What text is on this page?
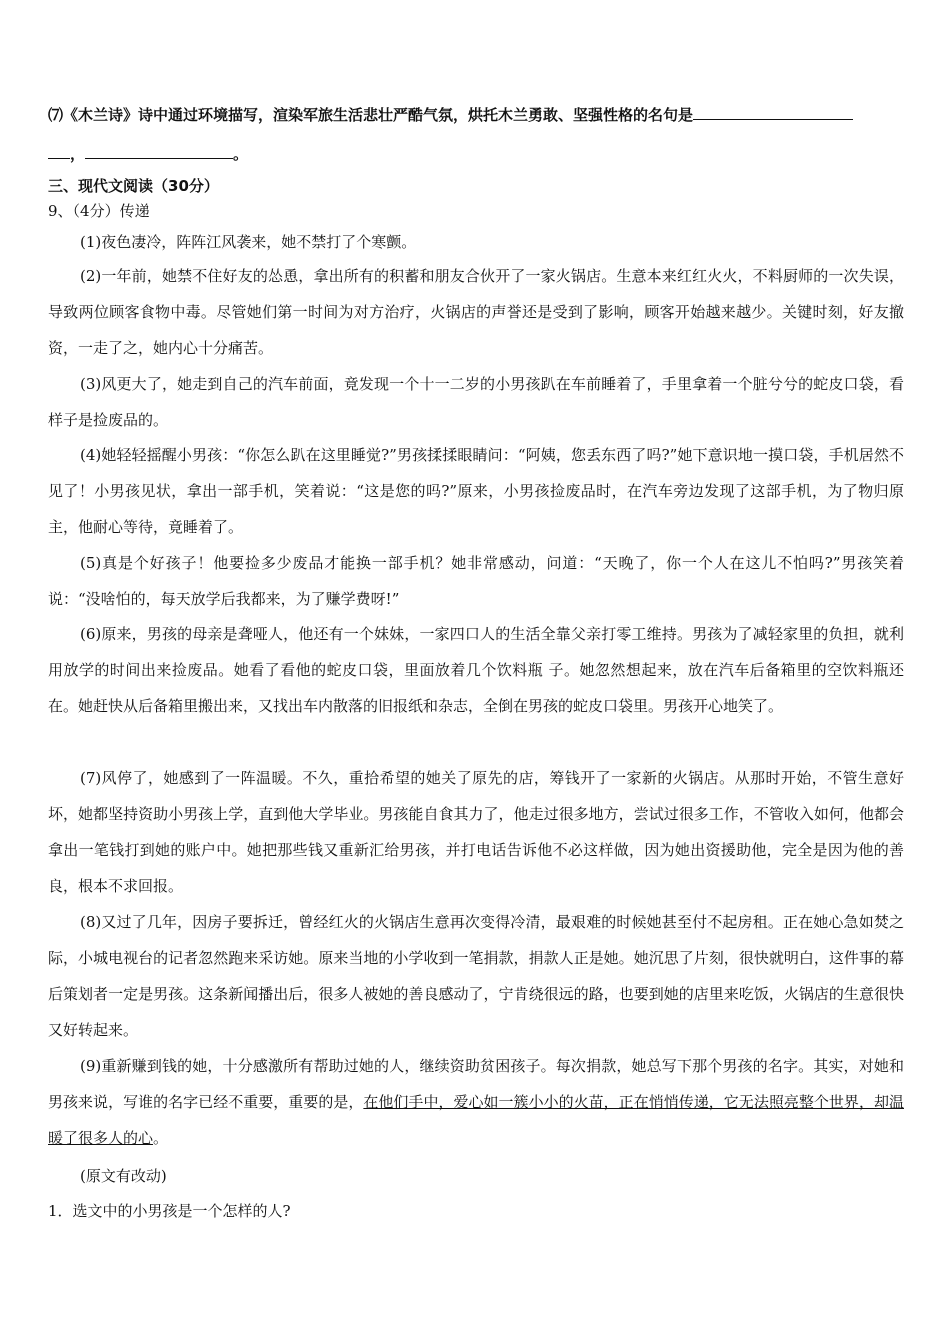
⑺《木兰诗》诗中通过环境描写，渲染军旅生活悲壮严酷气氛，烘托木兰勇敢、坚强性格的名句是
，	。
三、现代文阅读（30分）
9、（4分）传递
(1)夜色凄冷，阵阵江风袭来，她不禁打了个寒颤。
(2)一年前，她禁不住好友的怂恿，拿出所有的积蓄和朋友合伙开了一家火锅店。生意本来红红火火，不料厨师的一次失误，导致两位顾客食物中毒。尽管她们第一时间为对方治疗，火锅店的声誉还是受到了影响，顾客开始越来越少。关键时刻，好友撤资，一走了之，她内心十分痛苦。
(3)风更大了，她走到自己的汽车前面，竟发现一个十一二岁的小男孩趴在车前睡着了，手里拿着一个脏兮兮的蛇皮口袋，看样子是捡废品的。
(4)她轻轻摇醒小男孩：“你怎么趴在这里睡觉?”男孩揉揉眼睛问：“阿姨，您丢东西了吗?”她下意识地一摸口袋，手机居然不见了！小男孩见状，拿出一部手机，笑着说：“这是您的吗?”原来，小男孩捡废品时，在汽车旁边发现了这部手机，为了物归原主，他耐心等待，竟睡着了。
(5)真是个好孩子！他要捡多少废品才能换一部手机？她非常感动，问道：“天晚了，你一个人在这儿不怕吗?”男孩笑着说：“没啥怕的，每天放学后我都来，为了赚学费呀!”
(6)原来，男孩的母亲是聋哑人，他还有一个妹妹，一家四口人的生活全靠父亲打零工维持。男孩为了减轻家里的负担，就利用放学的时间出来捡废品。她看了看他的蛇皮口袋，里面放着几个饮料瓶 子。她忽然想起来，放在汽车后备箱里的空饮料瓶还在。她赶快从后备箱里搬出来，又找出车内散落的旧报纸和杂志，全倒在男孩的蛇皮口袋里。男孩开心地笑了。
(7)风停了，她感到了一阵温暖。不久，重拾希望的她关了原先的店，筹钱开了一家新的火锅店。从那时开始，不管生意好坏，她都坚持资助小男孩上学，直到他大学毕业。男孩能自食其力了，他走过很多地方，尝试过很多工作，不管收入如何，他都会拿出一笔钱打到她的账户中。她把那些钱又重新汇给男孩，并打电话告诉他不必这样做，因为她出资援助他，完全是因为他的善良，根本不求回报。
(8)又过了几年，因房子要拆迁，曾经红火的火锅店生意再次变得冷清，最艰难的时候她甚至付不起房租。正在她心急如焚之际，小城电视台的记者忽然跑来采访她。原来当地的小学收到一笔捐款，捐款人正是她。她沉思了片刻，很快就明白，这件事的幕后策划者一定是男孩。这条新闻播出后，很多人被她的善良感动了，宁肯绕很远的路，也要到她的店里来吃饭，火锅店的生意很快又好转起来。
(9)重新赚到钱的她，十分感激所有帮助过她的人，继续资助贫困孩子。每次捐款，她总写下那个男孩的名字。其实，对她和男孩来说，写谁的名字已经不重要，重要的是，在他们手中，爱心如一簇小小的火苗，正在悄悄传递，它无法照亮整个世界，却温暖了很多人的心。
(原文有改动)
1．选文中的小男孩是一个怎样的人?
